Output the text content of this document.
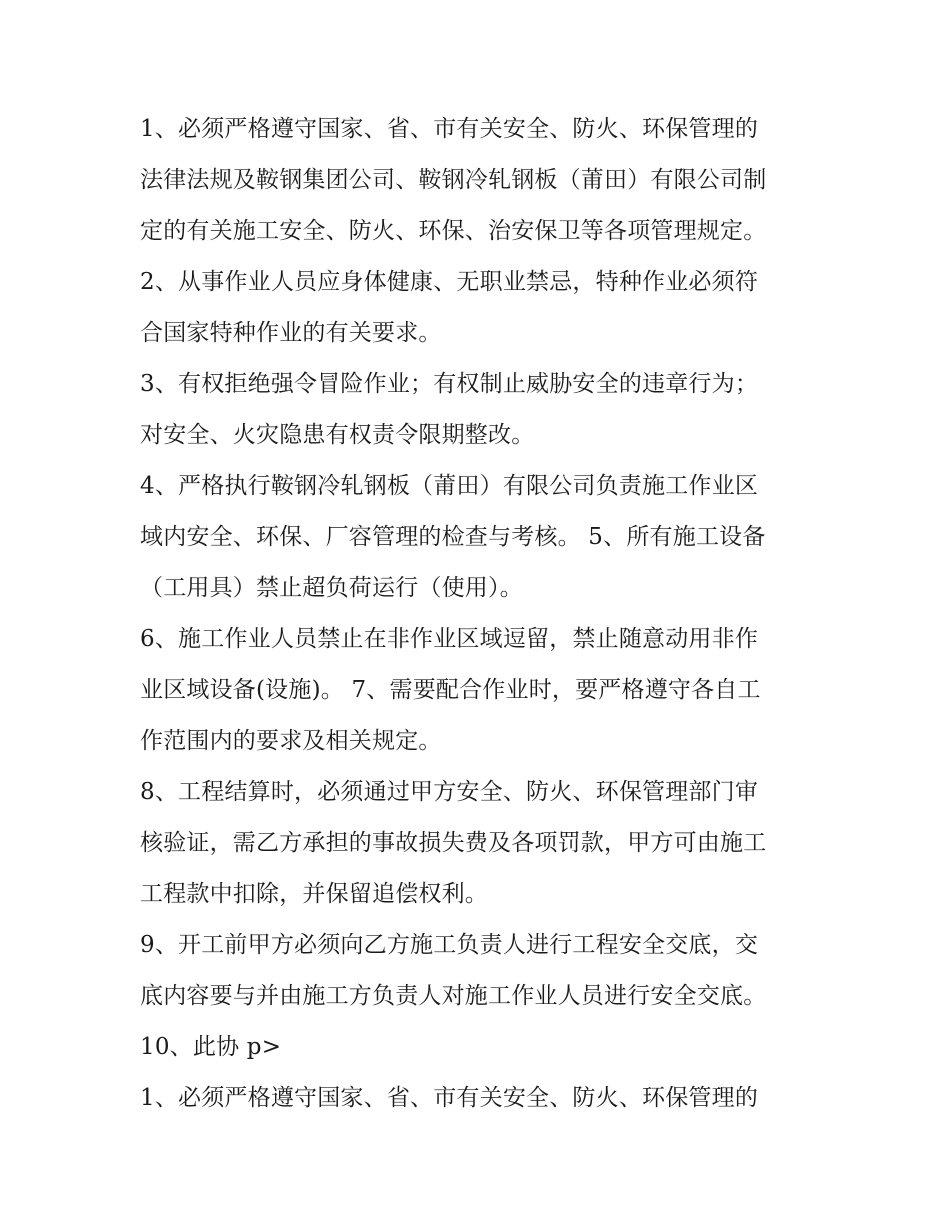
1、必须严格遵守国家、省、市有关安全、防火、环保管理的
法律法规及鞍钢集团公司、鞍钢冷轧钢板（莆田）有限公司制
定的有关施工安全、防火、环保、治安保卫等各项管理规定。
2、从事作业人员应身体健康、无职业禁忌，特种作业必须符
合国家特种作业的有关要求。
3、有权拒绝强令冒险作业；有权制止威胁安全的违章行为；
对安全、火灾隐患有权责令限期整改。
4、严格执行鞍钢冷轧钢板（莆田）有限公司负责施工作业区
域内安全、环保、厂容管理的检查与考核。 5、所有施工设备
（工用具）禁止超负荷运行（使用）。
6、施工作业人员禁止在非作业区域逗留，禁止随意动用非作
业区域设备(设施)。 7、需要配合作业时，要严格遵守各自工
作范围内的要求及相关规定。
8、工程结算时，必须通过甲方安全、防火、环保管理部门审
核验证，需乙方承担的事故损失费及各项罚款，甲方可由施工
工程款中扣除，并保留追偿权利。
9、开工前甲方必须向乙方施工负责人进行工程安全交底，交
底内容要与并由施工方负责人对施工作业人员进行安全交底。
10、此协 p>
1、必须严格遵守国家、省、市有关安全、防火、环保管理的
